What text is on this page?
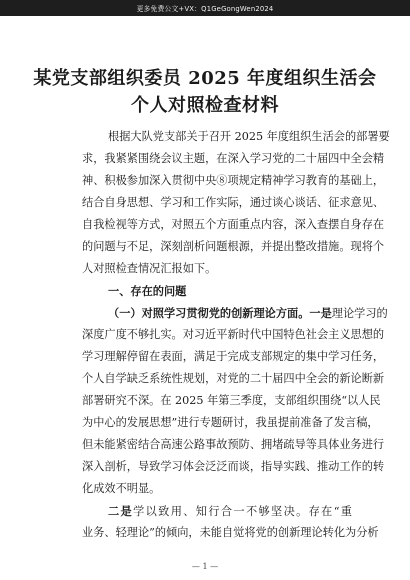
更多免费公文+VX：Q1GeGongWen2024
某党支部组织委员 2025 年度组织生活会
个人对照检查材料
根据大队党支部关于召开 2025 年度组织生活会的部署要
求，我紧紧围绕会议主题，在深入学习党的二十届四中全会精
神、积极参加深入贯彻中央⑧项规定精神学习教育的基础上，
结合自身思想、学习和工作实际，通过谈心谈话、征求意见、
自我检视等方式，对照五个方面重点内容，深入查摆自身存在
的问题与不足，深刻剖析问题根源，并提出整改措施。现将个
人对照检查情况汇报如下。
一、存在的问题
（一）对照学习贯彻党的创新理论方面。一是理论学习的
深度广度不够扎实。对习近平新时代中国特色社会主义思想的
学习理解停留在表面，满足于完成支部规定的集中学习任务，
个人自学缺乏系统性规划，对党的二十届四中全会的新论断新
部署研究不深。在 2025 年第三季度，支部组织围绕“以人民
为中心的发展思想”进行专题研讨，我虽提前准备了发言稿，
但未能紧密结合高速公路事故预防、拥堵疏导等具体业务进行
深入剖析，导致学习体会泛泛而谈，指导实践、推动工作的转
化成效不明显。
二是学以致用、知行合一不够坚决。存在“重
业务、轻理论”的倾向，未能自觉将党的创新理论转化为分析
— 1 —
